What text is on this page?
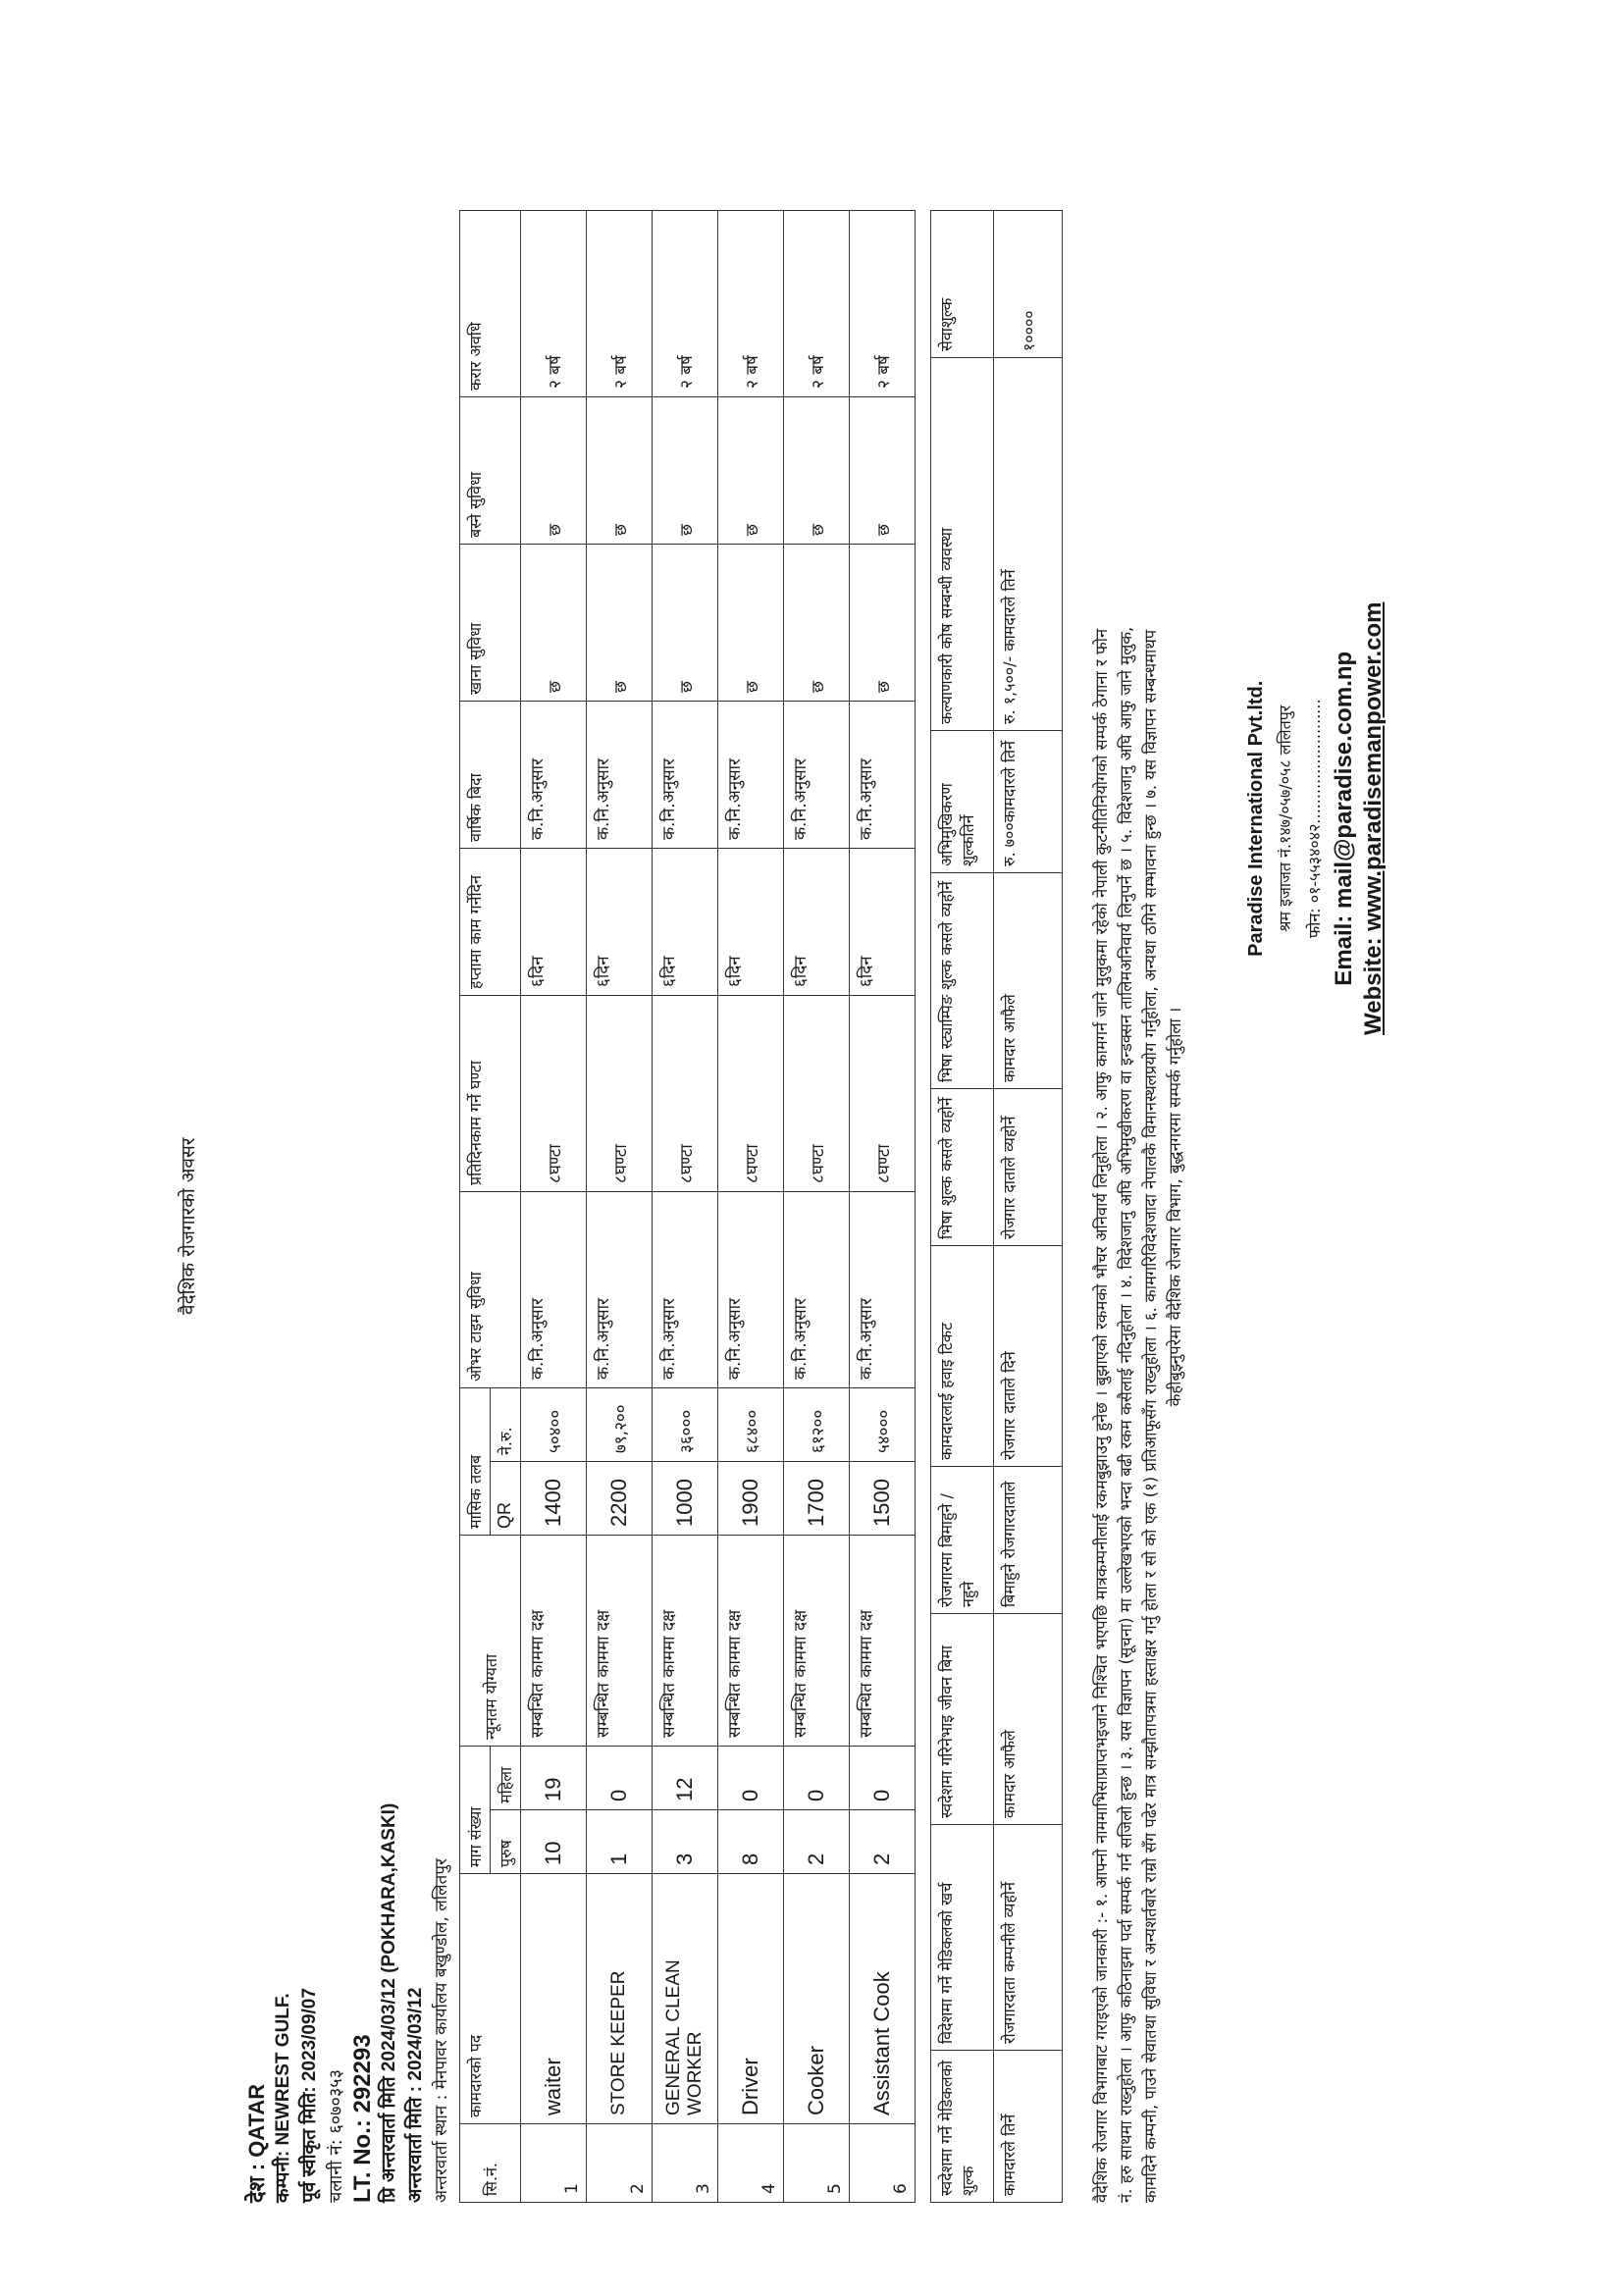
वैदेशिक रोजगारको अवसर
देश : QATAR कम्पनी: NEWREST GULF. पूर्व स्वीकृत मिति: 2023/09/07 चलानी नं: ६०७०३५३ LT. No.: 292293 प्रि अन्तरवार्ता मिति 2024/03/12 (POKHARA,KASKI) अन्तरवार्ता मिति : 2024/03/12 अन्तरवार्ता स्थान : मेनपावर कार्यालय बखुण्डोल, ललितपुर सि.नं.	कामदारको पद	माग संख्या		न्यूनतम योग्यता	मासिक तलब		ओभर टाइम सुविधा	प्रतिदिनकाम गर्ने घण्टा	हप्तामा काम गर्नेदिन	वार्षिक बिदा	खाना सुविधा	बस्ने सुविधा	करार अवधि
		पुरुष	महिला		QR	ने.रु.							
1	waiter	10	19	सम्बन्धित काममा दक्ष	1400	५०४००	क.नि.अनुसार	८घण्टा	६दिन	क.नि.अनुसार	छ	छ	२ बर्ष
2	STORE KEEPER	1	0	सम्बन्धित काममा दक्ष	2200	७९,२००	क.नि.अनुसार	८घण्टा	६दिन	क.नि.अनुसार	छ	छ	२ बर्ष
3	GENERAL CLEAN WORKER	3	12	सम्बन्धित काममा दक्ष	1000	३६०००	क.नि.अनुसार	८घण्टा	६दिन	क.नि.अनुसार	छ	छ	२ बर्ष
4	Driver	8	0	सम्बन्धित काममा दक्ष	1900	६८४००	क.नि.अनुसार	८घण्टा	६दिन	क.नि.अनुसार	छ	छ	२ बर्ष
5	Cooker	2	0	सम्बन्धित काममा दक्ष	1700	६१२००	क.नि.अनुसार	८घण्टा	६दिन	क.नि.अनुसार	छ	छ	२ बर्ष
6	Assistant Cook	2	0	सम्बन्धित काममा दक्ष	1500	५४०००	क.नि.अनुसार	८घण्टा	६दिन	क.नि.अनुसार	छ	छ	२ बर्ष
स्वदेशमा गर्ने मेडिकलको शुल्क	विदेशमा गर्ने मेडिकलको खर्च	स्वदेशमा गरिनेभाइ जीवन बिमा	रोजगारमा बिमाहुने /नहुने	कामदारलाई हवाइ टिकट	भिषा शुल्क कसले व्यहोर्ने	भिषा स्ट्याम्पिङ शुल्क कसले व्यहोर्ने	अभिमुखिकरण शुल्कतिर्ने	कल्याणकारी कोष सम्बन्धी व्यवस्था	सेवाशुल्क
कामदारले तिर्ने	रोजगारदाता कम्पनीले व्यहोर्ने	कामदार आफैले	बिमाहुने रोजगारदाताले	रोजगार दाताले दिने	रोजगार दाताले व्यहोर्ने	कामदार आफैले	रु. ७००कामदारले तिर्ने	रु. १,५००/- कामदारले तिर्ने	१००००
वैदेशिक रोजगार विभागबाट गराइएको जानकारी :- १. आफ्नो नाममाभिसाप्राप्तभइजाने निश्चित भएपछि मात्रकम्पनीलाई रकमबुझाउनु हुनेछ । बुझाएको रकमको भौचर अनिवार्य लिनुहोला । २. आफु कामगर्न जाने मुलुकमा रहेको नेपाली कुटनीतिनियोगको सम्पर्क ठेगाना र फोन नं. हरु साथमा राख्नुहोला । आफु कठिनाइमा पर्दा सम्पर्क गर्न सजिलो हुन्छ । ३. यस विज्ञापन (सूचना) मा उल्लेखभएको भन्दा बढी रकम कसैलाई नदिनुहोला । ४. विदेशजानु अघि अभिमुखीकरण वा इन्डक्सन तालिमअनिवार्य लिनुपर्ने छ । ५. विदेशजानु अघि आफु जाने मुलुक, कामदिने कम्पनी, पाउने सेवातथा सुविधा र अन्यशर्तबारे राम्रो सँग पढेर मात्र सम्झौतापत्रमा हस्ताक्षर गर्नु होला र सो को एक (१) प्रतिआफूसँग राख्नुहोला । ६. कामगरिविदेशजादा नेपालकै विमानस्थलप्रयोग गर्नुहोला, अन्यथा ठगिने सम्भावना हुन्छ । ७. यस विज्ञापन सम्बन्धमाथप केहीबुझ्नुपरेमा वैदेशिक रोजगार विभाग, बुद्धनगरमा सम्पर्क गर्नुहोला ।
Paradise International Pvt.ltd. श्रम इजाजत नं.१४७/०५७/०५८ ललितपुर फोन: ०१-५५३४०४२......................... Email: mail@paradise.com.np Website: www.paradisemanpower.com
